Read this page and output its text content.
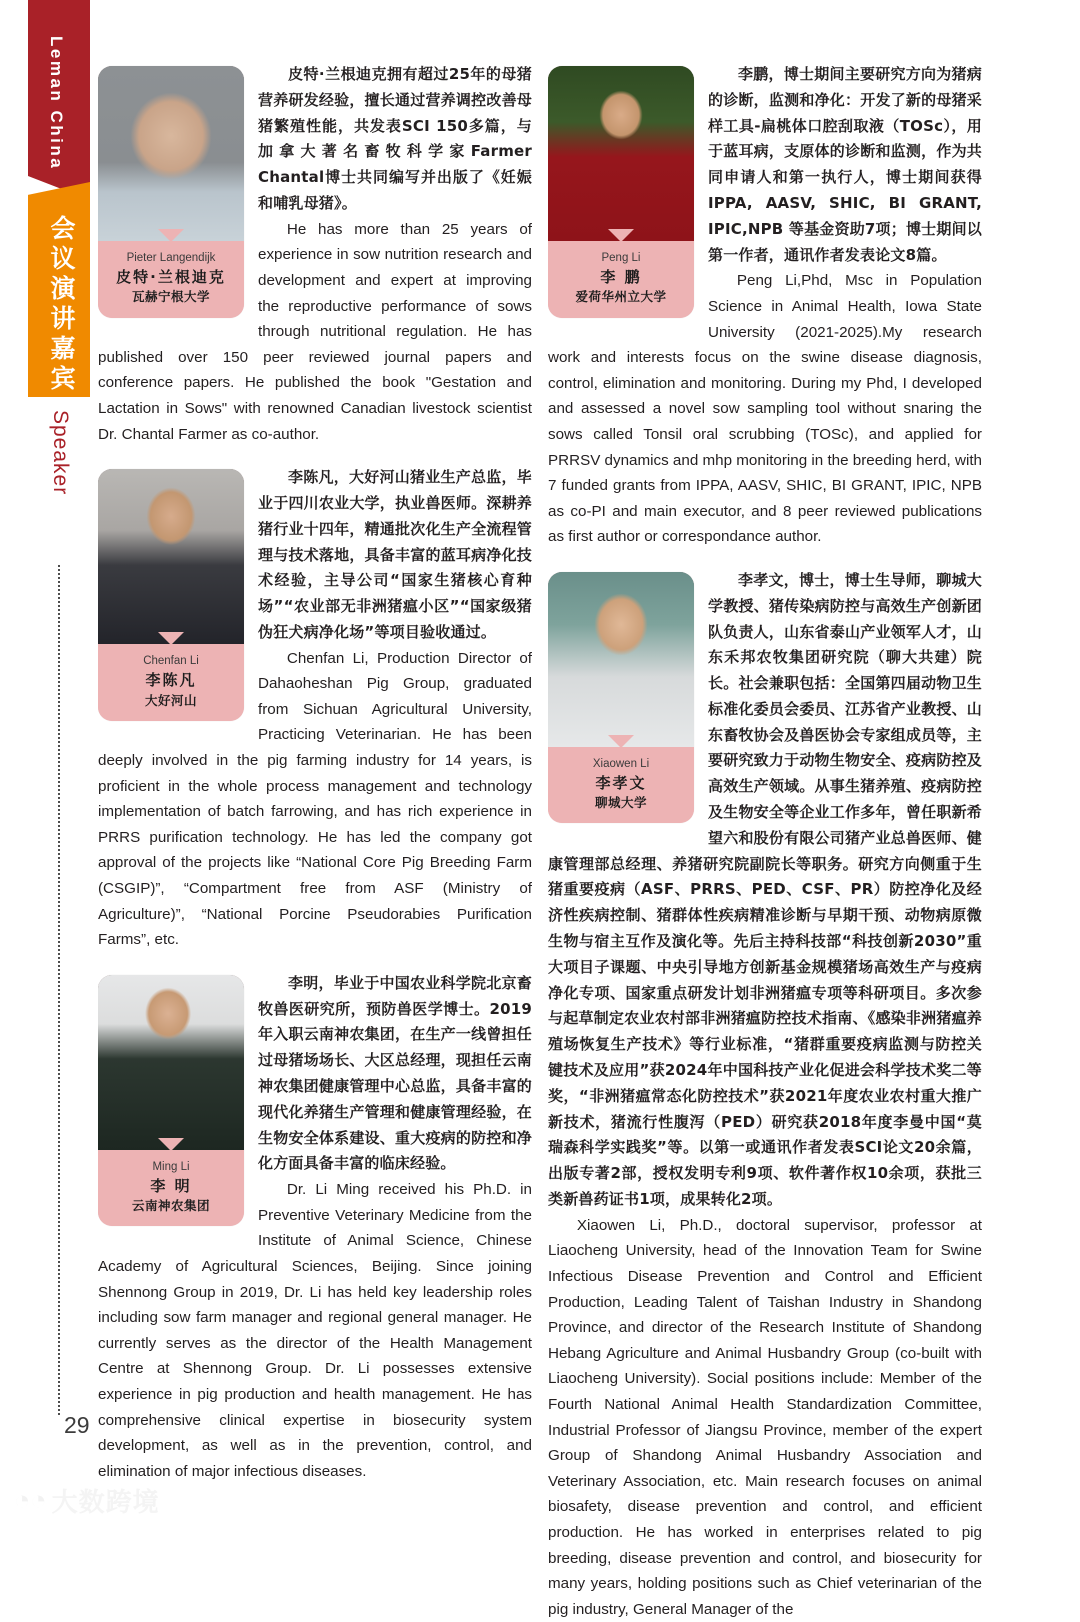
Leman China
会议演讲嘉宾
Speaker
29
◔◔ 大数跨境
Pieter Langendijk
皮特·兰根迪克
瓦赫宁根大学

皮特·兰根迪克拥有超过25年的母猪营养研发经验，擅长通过营养调控改善母猪繁殖性能，共发表SCI 150多篇，与加拿大著名畜牧科学家Farmer Chantal博士共同编写并出版了《妊娠和哺乳母猪》。

He has more than 25 years of experience in sow nutrition research and development and expert at improving the reproductive performance of sows through nutritional regulation. He has published over 150 peer reviewed journal papers and conference papers. He published the book "Gestation and Lactation in Sows" with renowned Canadian livestock scientist Dr. Chantal Farmer as co-author.

Chenfan Li
李陈凡
大好河山

李陈凡，大好河山猪业生产总监，毕业于四川农业大学，执业兽医师。深耕养猪行业十四年，精通批次化生产全流程管理与技术落地，具备丰富的蓝耳病净化技术经验，主导公司“国家生猪核心育种场”“农业部无非洲猪瘟小区”“国家级猪伪狂犬病净化场”等项目验收通过。

Chenfan Li, Production Director of Dahaoheshan Pig Group, graduated from Sichuan Agricultural University, Practicing Veterinarian. He has been deeply involved in the pig farming industry for 14 years, is proficient in the whole process management and technology implementation of batch farrowing, and has rich experience in PRRS purification technology. He has led the company got approval of the projects like “National Core Pig Breeding Farm (CSGIP)”, “Compartment free from ASF (Ministry of Agriculture)”, “National Porcine Pseudorabies Purification Farms”, etc.

Ming Li
李 明
云南神农集团

李明，毕业于中国农业科学院北京畜牧兽医研究所，预防兽医学博士。2019 年入职云南神农集团，在生产一线曾担任过母猪场场长、大区总经理，现担任云南神农集团健康管理中心总监，具备丰富的现代化养猪生产管理和健康管理经验，在生物安全体系建设、重大疫病的防控和净化方面具备丰富的临床经验。

Dr. Li Ming received his Ph.D. in Preventive Veterinary Medicine from the Institute of Animal Science, Chinese Academy of Agricultural Sciences, Beijing. Since joining Shennong Group in 2019, Dr. Li has held key leadership roles including sow farm manager and regional general manager. He currently serves as the director of the Health Management Centre at Shennong Group. Dr. Li possesses extensive experience in pig production and health management. He has comprehensive clinical expertise in biosecurity system development, as well as in the prevention, control, and elimination of major infectious diseases.

Peng Li
李 鹏
爱荷华州立大学

李鹏，博士期间主要研究方向为猪病的诊断，监测和净化：开发了新的母猪采样工具-扁桃体口腔刮取液（TOSc），用于蓝耳病，支原体的诊断和监测，作为共同申请人和第一执行人，博士期间获得IPPA, AASV, SHIC, BI GRANT, IPIC,NPB 等基金资助7项；博士期间以第一作者，通讯作者发表论文8篇。

Peng Li,Phd, Msc in Population Science in Animal Health, Iowa State University (2021-2025).My research work and interests focus on the swine disease diagnosis, control, elimination and monitoring. During my Phd, I developed and assessed a novel sow sampling tool without snaring the sows called Tonsil oral scrubbing (TOSc), and applied for PRRSV dynamics and mhp monitoring in the breeding herd, with 7 funded grants from IPPA, AASV, SHIC, BI GRANT, IPIC, NPB as co-PI and main executor, and 8 peer reviewed publications as first author or correspondance author.

Xiaowen Li
李孝文
聊城大学

李孝文，博士，博士生导师，聊城大学教授、猪传染病防控与高效生产创新团队负责人，山东省泰山产业领军人才，山东禾邦农牧集团研究院（聊大共建）院长。社会兼职包括：全国第四届动物卫生标准化委员会委员、江苏省产业教授、山东畜牧协会及兽医协会专家组成员等，主要研究致力于动物生物安全、疫病防控及高效生产领域。从事生猪养殖、疫病防控及生物安全等企业工作多年，曾任职新希望六和股份有限公司猪产业总兽医师、健康管理部总经理、养猪研究院副院长等职务。研究方向侧重于生猪重要疫病（ASF、PRRS、PED、CSF、PR）防控净化及经济性疾病控制、猪群体性疾病精准诊断与早期干预、动物病原微生物与宿主互作及演化等。先后主持科技部“科技创新2030”重大项目子课题、中央引导地方创新基金规模猪场高效生产与疫病净化专项、国家重点研发计划非洲猪瘟专项等科研项目。多次参与起草制定农业农村部非洲猪瘟防控技术指南、《感染非洲猪瘟养殖场恢复生产技术》等行业标准，“猪群重要疫病监测与防控关键技术及应用”获2024年中国科技产业化促进会科学技术奖二等奖，“非洲猪瘟常态化防控技术”获2021年度农业农村重大推广新技术，猪流行性腹泻（PED）研究获2018年度李曼中国“莫瑞森科学实践奖”等。以第一或通讯作者发表SCI论文20余篇，出版专著2部，授权发明专利9项、软件著作权10余项，获批三类新兽药证书1项，成果转化2项。

Xiaowen Li, Ph.D., doctoral supervisor, professor at Liaocheng University, head of the Innovation Team for Swine Infectious Disease Prevention and Control and Efficient Production, Leading Talent of Taishan Industry in Shandong Province, and director of the Research Institute of Shandong Hebang Agriculture and Animal Husbandry Group (co-built with Liaocheng University). Social positions include: Member of the Fourth National Animal Health Standardization Committee, Industrial Professor of Jiangsu Province, member of the expert Group of Shandong Animal Husbandry Association and Veterinary Association, etc. Main research focuses on animal biosafety, disease prevention and control, and efficient production. He has worked in enterprises related to pig breeding, disease prevention and control, and biosecurity for many years, holding positions such as Chief veterinarian of the pig industry, General Manager of the
